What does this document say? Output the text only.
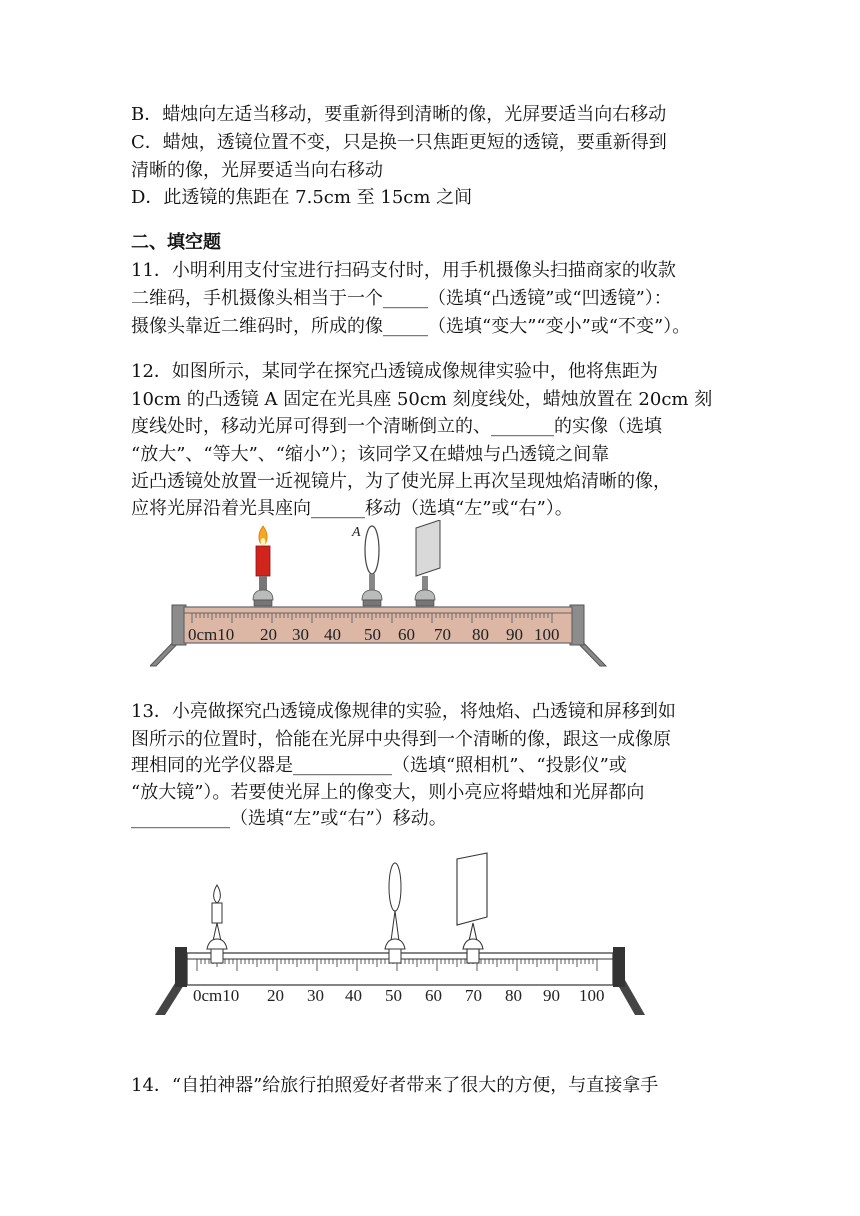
B．蜡烛向左适当移动，要重新得到清晰的像，光屏要适当向右移动
C．蜡烛，透镜位置不变，只是换一只焦距更短的透镜，要重新得到
清晰的像，光屏要适当向右移动
D．此透镜的焦距在 7.5cm 至 15cm 之间
二、填空题
11．小明利用支付宝进行扫码支付时，用手机摄像头扫描商家的收款
二维码，手机摄像头相当于一个_____（选填“凸透镜”或“凹透镜”）：
摄像头靠近二维码时，所成的像_____（选填“变大”“变小”或“不变”）。
12．如图所示，某同学在探究凸透镜成像规律实验中，他将焦距为
10cm 的凸透镜 A 固定在光具座 50cm 刻度线处，蜡烛放置在 20cm 刻
度线处时，移动光屏可得到一个清晰倒立的、_______的实像（选填
“放大”、“等大”、“缩小”）；该同学又在蜡烛与凸透镜之间靠
近凸透镜处放置一近视镜片，为了使光屏上再次呈现烛焰清晰的像，
应将光屏沿着光具座向______移动（选填“左”或“右”）。
0cm10 20 30 40 50 60 70 80 90 100
A
13．小亮做探究凸透镜成像规律的实验，将烛焰、凸透镜和屏移到如
图所示的位置时，恰能在光屏中央得到一个清晰的像，跟这一成像原
理相同的光学仪器是___________（选填“照相机”、“投影仪”或
“放大镜”）。若要使光屏上的像变大，则小亮应将蜡烛和光屏都向
___________（选填“左”或“右”）移动。
0cm10 20 30 40 50 60 70 80 90 100
14．“自拍神器”给旅行拍照爱好者带来了很大的方便，与直接拿手
